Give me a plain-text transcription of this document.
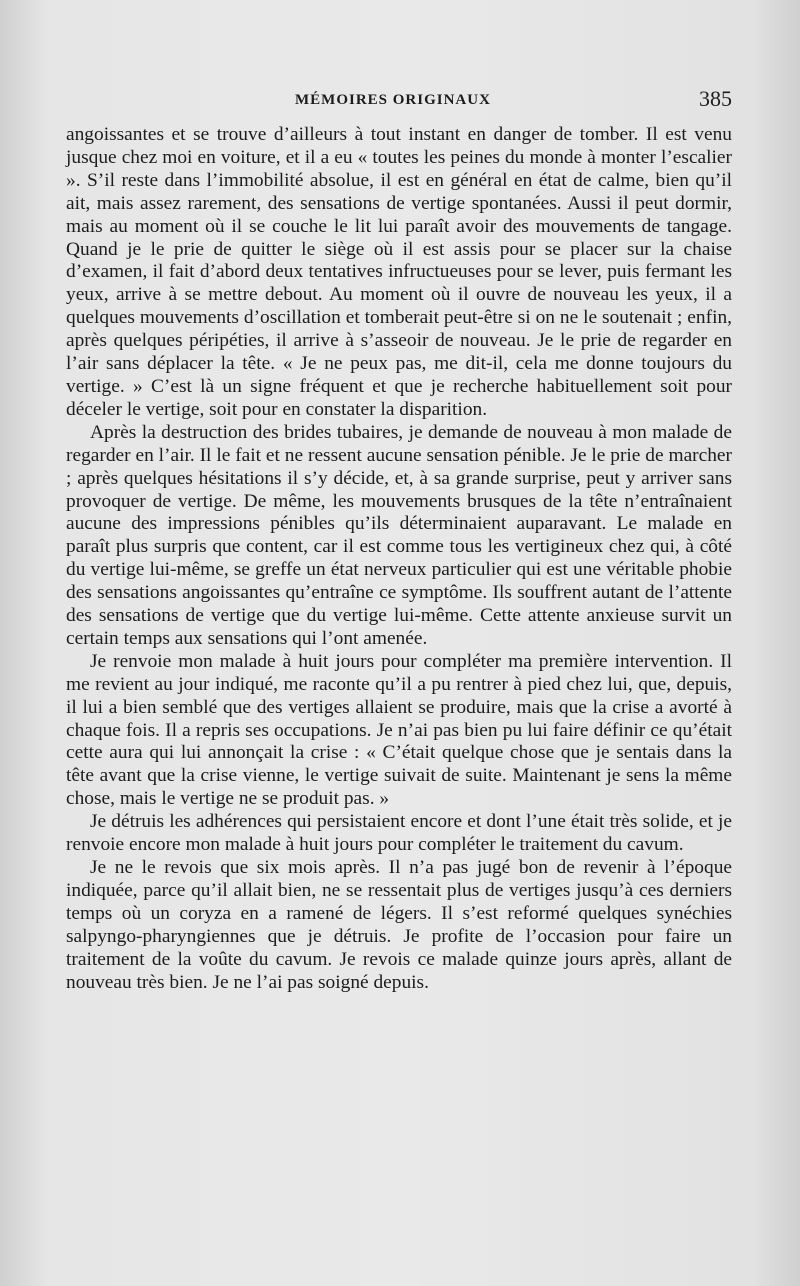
MÉMOIRES ORIGINAUX	385

angoissantes et se trouve d’ailleurs à tout instant en danger de tomber. Il est venu jusque chez moi en voiture, et il a eu « toutes les peines du monde à monter l’escalier ». S’il reste dans l’immobilité absolue, il est en général en état de calme, bien qu’il ait, mais assez rarement, des sensations de vertige spontanées. Aussi il peut dormir, mais au moment où il se couche le lit lui paraît avoir des mouvements de tangage. Quand je le prie de quitter le siège où il est assis pour se placer sur la chaise d’examen, il fait d’abord deux tentatives infructueuses pour se lever, puis fermant les yeux, arrive à se mettre debout. Au moment où il ouvre de nouveau les yeux, il a quelques mouvements d’oscillation et tomberait peut-être si on ne le soutenait ; enfin, après quelques péripéties, il arrive à s’asseoir de nouveau. Je le prie de regarder en l’air sans déplacer la tête. « Je ne peux pas, me dit-il, cela me donne toujours du vertige. » C’est là un signe fréquent et que je recherche habituellement soit pour déceler le vertige, soit pour en constater la disparition.

Après la destruction des brides tubaires, je demande de nouveau à mon malade de regarder en l’air. Il le fait et ne ressent aucune sensation pénible. Je le prie de marcher ; après quelques hésitations il s’y décide, et, à sa grande surprise, peut y arriver sans provoquer de vertige. De même, les mouvements brusques de la tête n’entraînaient aucune des impressions pénibles qu’ils déterminaient auparavant. Le malade en paraît plus surpris que content, car il est comme tous les vertigineux chez qui, à côté du vertige lui-même, se greffe un état nerveux particulier qui est une véritable phobie des sensations angoissantes qu’entraîne ce symptôme. Ils souffrent autant de l’attente des sensations de vertige que du vertige lui-même. Cette attente anxieuse survit un certain temps aux sensations qui l’ont amenée.

Je renvoie mon malade à huit jours pour compléter ma première intervention. Il me revient au jour indiqué, me raconte qu’il a pu rentrer à pied chez lui, que, depuis, il lui a bien semblé que des vertiges allaient se produire, mais que la crise a avorté à chaque fois. Il a repris ses occupations. Je n’ai pas bien pu lui faire définir ce qu’était cette aura qui lui annonçait la crise : « C’était quelque chose que je sentais dans la tête avant que la crise vienne, le vertige suivait de suite. Maintenant je sens la même chose, mais le vertige ne se produit pas. »

Je détruis les adhérences qui persistaient encore et dont l’une était très solide, et je renvoie encore mon malade à huit jours pour compléter le traitement du cavum.

Je ne le revois que six mois après. Il n’a pas jugé bon de revenir à l’époque indiquée, parce qu’il allait bien, ne se ressentait plus de vertiges jusqu’à ces derniers temps où un coryza en a ramené de légers. Il s’est reformé quelques synéchies salpyngo-pharyngiennes que je détruis. Je profite de l’occasion pour faire un traitement de la voûte du cavum. Je revois ce malade quinze jours après, allant de nouveau très bien. Je ne l’ai pas soigné depuis.
